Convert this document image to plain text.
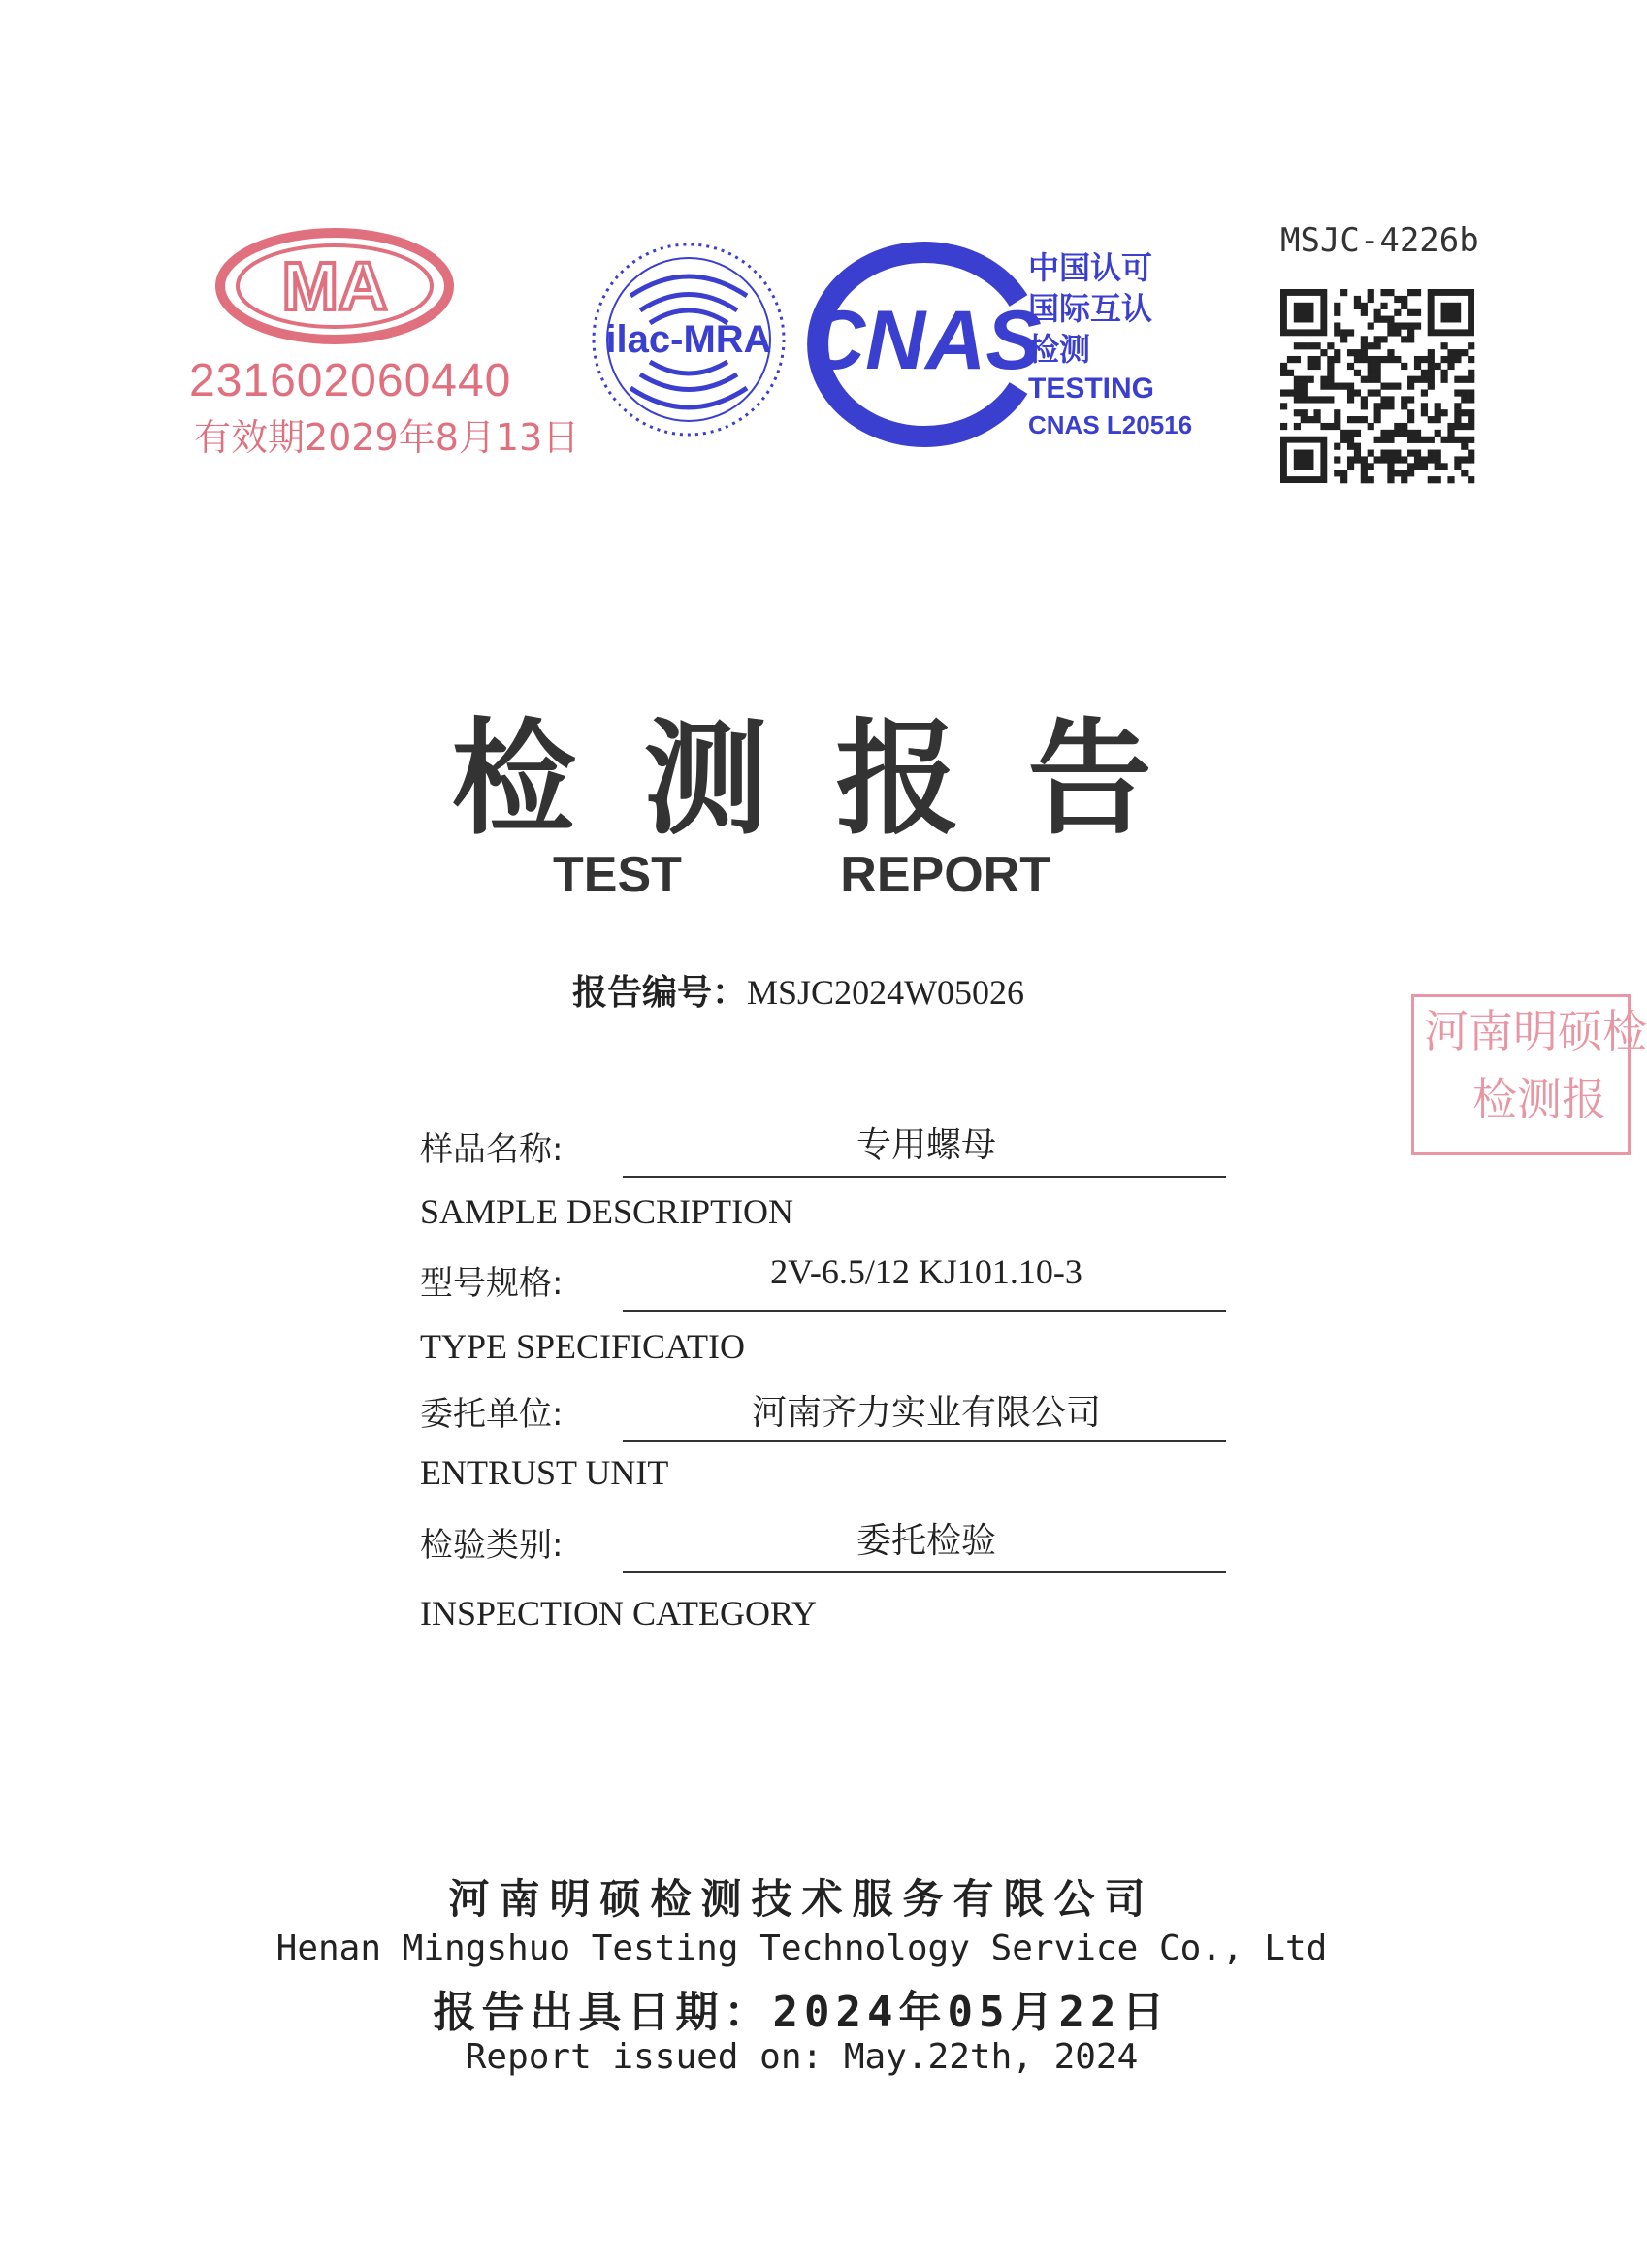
MA
231602060440
有效期2029年8月13日
ilac-MRA CNAS
中国认可
国际互认
检测
TESTING
CNAS L20516
MSJC-4226b
河南明硕检
检测报
检测报告
TEST   REPORT
报告编号：MSJC2024W05026
样品名称:	专用螺母
SAMPLE DESCRIPTION
型号规格:	2V-6.5/12 KJ101.10-3
TYPE SPECIFICATIO
委托单位:	河南齐力实业有限公司
ENTRUST UNIT
检验类别:	委托检验
INSPECTION CATEGORY
河南明硕检测技术服务有限公司
Henan Mingshuo Testing Technology Service Co., Ltd
报告出具日期：2024年05月22日
Report issued on: May.22th, 2024
